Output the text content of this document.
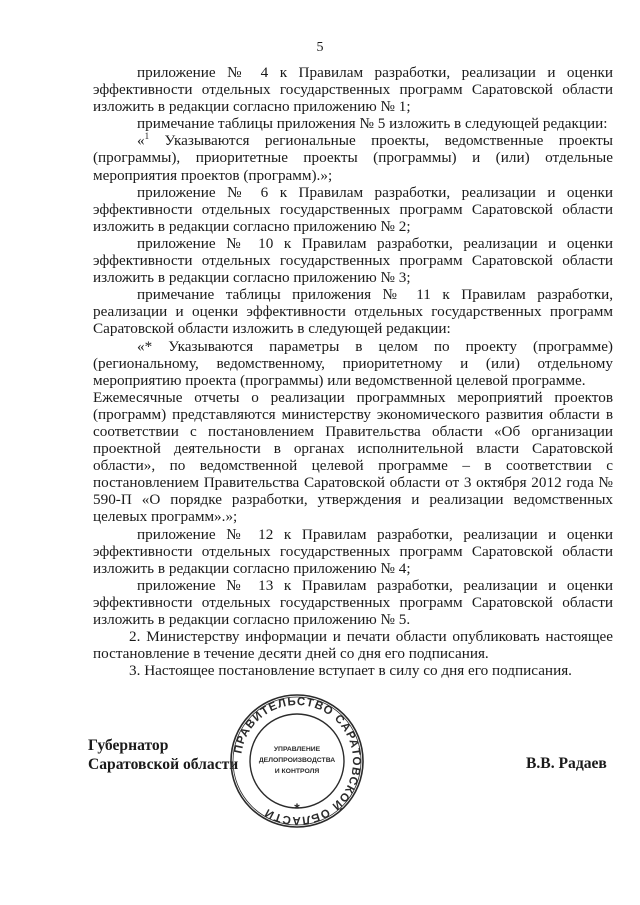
5

приложение № 4 к Правилам разработки, реализации и оценки эффективности отдельных государственных программ Саратовской области изложить в редакции согласно приложению № 1;

примечание таблицы приложения № 5 изложить в следующей редакции:

«$^1$ Указываются региональные проекты, ведомственные проекты (программы), приоритетные проекты (программы) и (или) отдельные мероприятия проектов (программ).»;

приложение № 6 к Правилам разработки, реализации и оценки эффективности отдельных государственных программ Саратовской области изложить в редакции согласно приложению № 2;

приложение № 10 к Правилам разработки, реализации и оценки эффективности отдельных государственных программ Саратовской области изложить в редакции согласно приложению № 3;

примечание таблицы приложения № 11 к Правилам разработки, реализации и оценки эффективности отдельных государственных программ Саратовской области изложить в следующей редакции:

«* Указываются параметры в целом по проекту (программе) (региональному, ведомственному, приоритетному и (или) отдельному мероприятию проекта (программы) или ведомственной целевой программе.

Ежемесячные отчеты о реализации программных мероприятий проектов (программ) представляются министерству экономического развития области в соответствии с постановлением Правительства области «Об организации проектной деятельности в органах исполнительной власти Саратовской области», по ведомственной целевой программе – в соответствии с постановлением Правительства Саратовской области от 3 октября 2012 года № 590-П «О порядке разработки, утверждения и реализации ведомственных целевых программ».»;

приложение № 12 к Правилам разработки, реализации и оценки эффективности отдельных государственных программ Саратовской области изложить в редакции согласно приложению № 4;

приложение № 13 к Правилам разработки, реализации и оценки эффективности отдельных государственных программ Саратовской области изложить в редакции согласно приложению № 5.

2. Министерству информации и печати области опубликовать настоящее постановление в течение десяти дней со дня его подписания.

3. Настоящее постановление вступает в силу со дня его подписания.

Губернатор
Саратовской области	В.В. Радаев
ПРАВИТЕЛЬСТВО САРАТОВСКОЙ ОБЛАСТИ
УПРАВЛЕНИЕ
ДЕЛОПРОИЗВОДСТВА
И КОНТРОЛЯ
*
